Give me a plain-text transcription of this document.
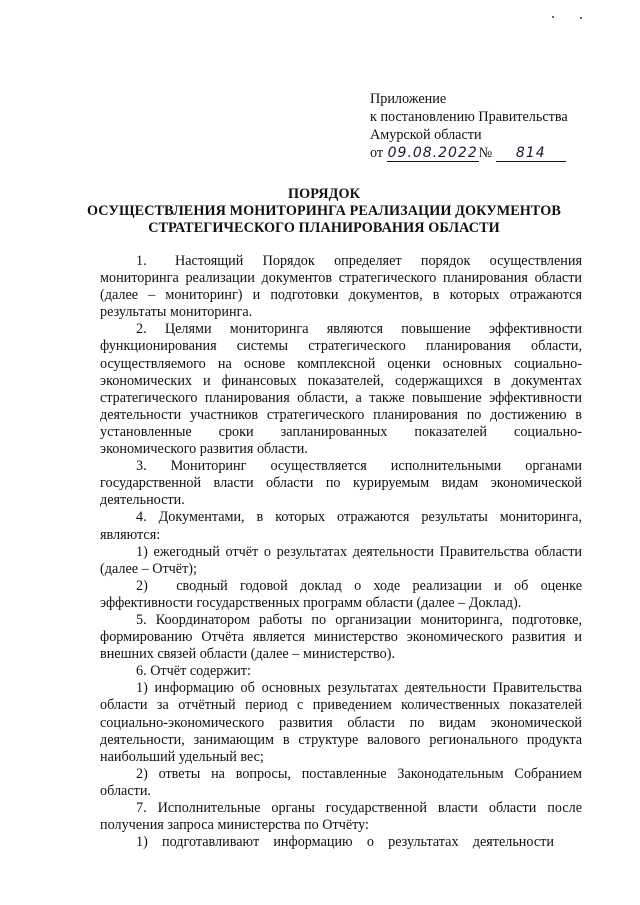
Приложение
к постановлению Правительства
Амурской области
от 09.08.2022№ 814
ПОРЯДОК
ОСУЩЕСТВЛЕНИЯ МОНИТОРИНГА РЕАЛИЗАЦИИ ДОКУМЕНТОВ
СТРАТЕГИЧЕСКОГО ПЛАНИРОВАНИЯ ОБЛАСТИ

1.  Настоящий Порядок определяет порядок осуществления мониторинга реализации документов стратегического планирования области (далее – мониторинг) и подготовки документов, в которых отражаются результаты мониторинга.

2. Целями мониторинга являются повышение эффективности функционирования системы стратегического планирования области, осуществляемого на основе комплексной оценки основных социально-экономических и финансовых показателей, содержащихся в документах стратегического планирования области, а также повышение эффективности деятельности участников стратегического планирования по достижению в установленные сроки запланированных показателей социально-экономического развития области.

3. Мониторинг осуществляется исполнительными органами государственной власти области по курируемым видам экономической деятельности.

4. Документами, в которых отражаются результаты мониторинга, являются:

1) ежегодный отчёт о результатах деятельности Правительства области (далее – Отчёт);

2)  сводный годовой доклад о ходе реализации и об оценке эффективности государственных программ области (далее – Доклад).

5. Координатором работы по организации мониторинга, подготовке, формированию Отчёта является министерство экономического развития и внешних связей области (далее – министерство).

6. Отчёт содержит:

1) информацию об основных результатах деятельности Правительства области за отчётный период с приведением количественных показателей социально-экономического развития области по видам экономической деятельности, занимающим в структуре валового регионального продукта наибольший удельный вес;

2) ответы на вопросы, поставленные Законодательным Собранием области.

7. Исполнительные органы государственной власти области после получения запроса министерства по Отчёту:

1) подготавливают информацию о результатах деятельности
